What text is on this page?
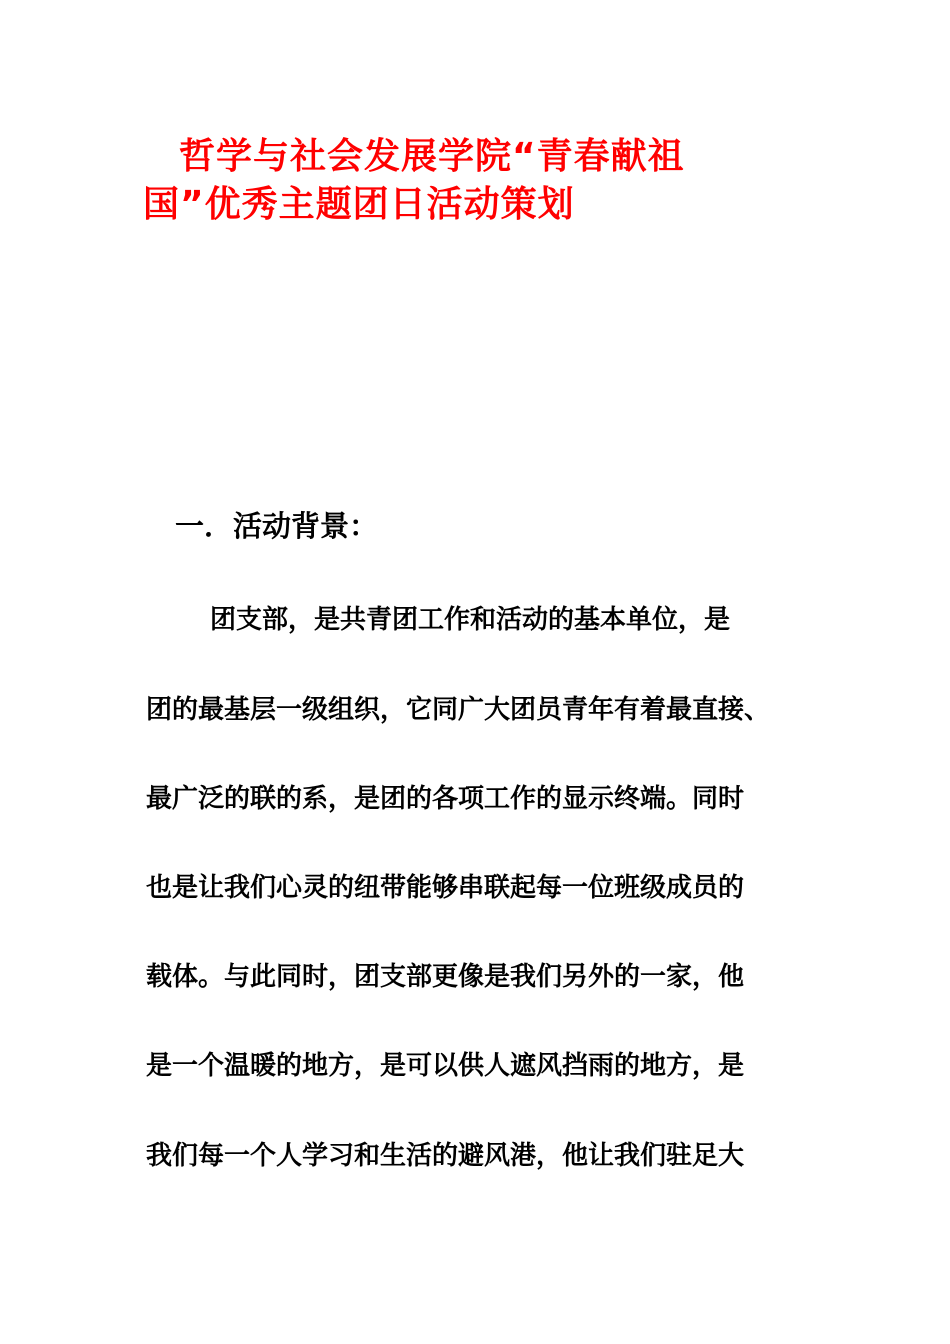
哲学与社会发展学院“青春献祖
国”优秀主题团日活动策划
一．活动背景：

团支部，是共青团工作和活动的基本单位，是

团的最基层一级组织，它同广大团员青年有着最直接、

最广泛的联的系，是团的各项工作的显示终端。同时

也是让我们心灵的纽带能够串联起每一位班级成员的

载体。与此同时，团支部更像是我们另外的一家，他

是一个温暖的地方，是可以供人遮风挡雨的地方，是

我们每一个人学习和生活的避风港，他让我们驻足大
